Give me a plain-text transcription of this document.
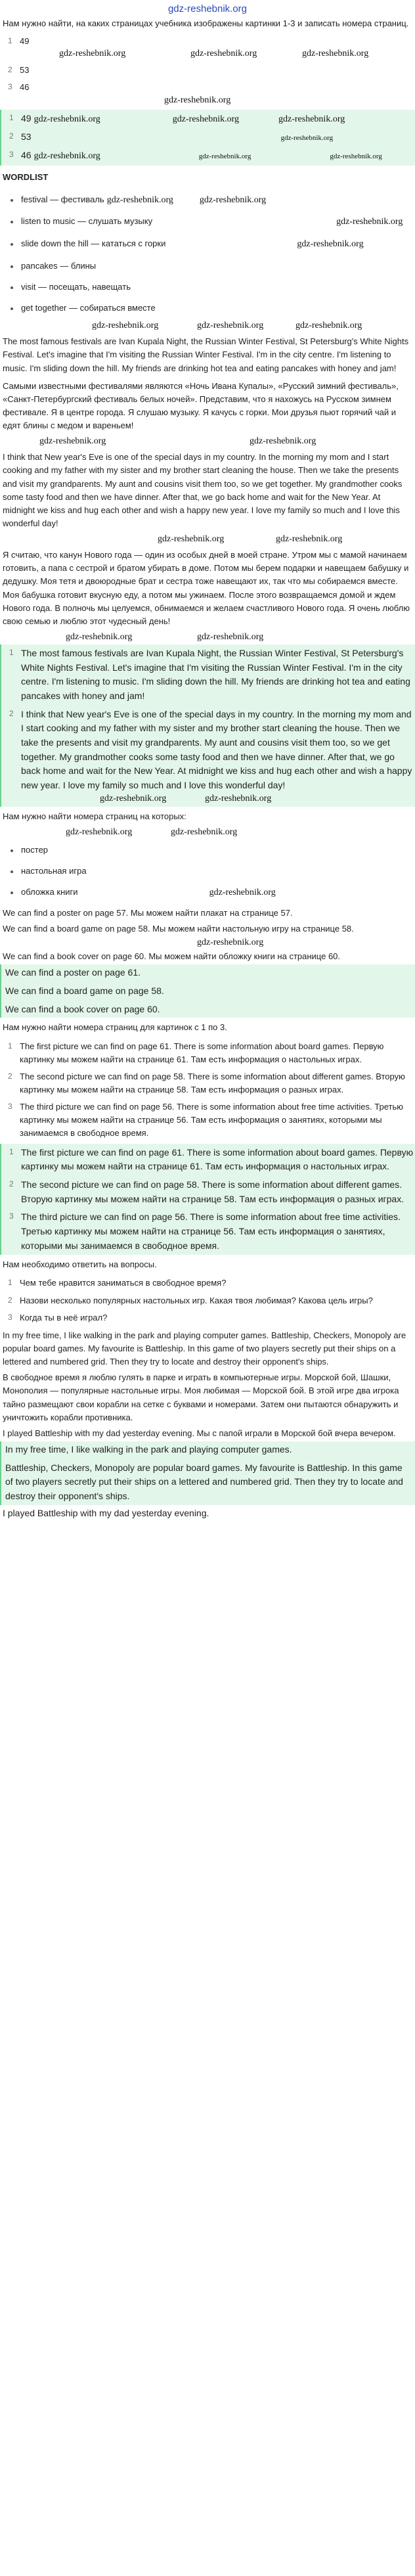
gdz-reshebnik.org

Нам нужно найти, на каких страницах учебника изображены картинки 1-3 и записать номера страниц.

1 49
gdz-reshebnik.org	gdz-reshebnik.org	gdz-reshebnik.org
2 53
3 46
gdz-reshebnik.org
1 49 gdz-reshebnik.org	gdz-reshebnik.org	gdz-reshebnik.org
2 53	gdz-reshebnik.org
3 46 gdz-reshebnik.org	gdz-reshebnik.org	gdz-reshebnik.org
WORDLIST
festival — фестиваль gdz-reshebnik.org	gdz-reshebnik.org
listen to music — слушать музыку	gdz-reshebnik.org
slide down the hill — кататься с горки	gdz-reshebnik.org
pancakes — блины
visit — посещать, навещать
get together — собираться вместе
gdz-reshebnik.org	gdz-reshebnik.org	gdz-reshebnik.org

The most famous festivals are Ivan Kupala Night, the Russian Winter Festival, St Petersburg's White Nights Festival. Let's imagine that I'm visiting the Russian Winter Festival. I'm in the city centre. I'm listening to music. I'm sliding down the hill. My friends are drinking hot tea and eating pancakes with honey and jam!

Самыми известными фестивалями являются «Ночь Ивана Купалы», «Русский зимний фестиваль», «Санкт-Петербургский фестиваль белых ночей». Представим, что я нахожусь на Русском зимнем фестивале. Я в центре города. Я слушаю музыку. Я качусь с горки. Мои друзья пьют горячий чай и едят блины с медом и вареньем!

gdz-reshebnik.org	gdz-reshebnik.org

I think that New year's Eve is one of the special days in my country. In the morning my mom and I start cooking and my father with my sister and my brother start cleaning the house. Then we take the presents and visit my grandparents. My aunt and cousins visit them too, so we get together. My grandmother cooks some tasty food and then we have dinner. After that, we go back home and wait for the New Year. At midnight we kiss and hug each other and wish a happy new year. I love my family so much and I love this wonderful day!

gdz-reshebnik.org	gdz-reshebnik.org

Я считаю, что канун Нового года — один из особых дней в моей стране. Утром мы с мамой начинаем готовить, а папа с сестрой и братом убирать в доме. Потом мы берем подарки и навещаем бабушку и дедушку. Моя тетя и двоюродные брат и сестра тоже навещают их, так что мы собираемся вместе. Моя бабушка готовит вкусную еду, а потом мы ужинаем. После этого возвращаемся домой и ждем Нового года. В полночь мы целуемся, обнимаемся и желаем счастливого Нового года. Я очень люблю свою семью и люблю этот чудесный день!

gdz-reshebnik.org	gdz-reshebnik.org
1 The most famous festivals are Ivan Kupala Night, the Russian Winter Festival, St Petersburg's White Nights Festival. Let's imagine that I'm visiting the Russian Winter Festival. I'm in the city centre. I'm listening to music. I'm sliding down the hill. My friends are drinking hot tea and eating pancakes with honey and jam!
2 I think that New year's Eve is one of the special days in my country. In the morning my mom and I start cooking and my father with my sister and my brother start cleaning the house. Then we take the presents and visit my grandparents. My aunt and cousins visit them too, so we get together. My grandmother cooks some tasty food and then we have dinner. After that, we go back home and wait for the New Year. At midnight we kiss and hug each other and wish a happy new year. I love my family so much and I love this wonderful day!
gdz-reshebnik.org	gdz-reshebnik.org

Нам нужно найти номера страниц на которых:

gdz-reshebnik.org	gdz-reshebnik.org
постер
настольная игра
обложка книги	gdz-reshebnik.org

We can find a poster on page 57. Мы можем найти плакат на странице 57.

We can find a board game on page 58. Мы можем найти настольную игру на странице 58.

gdz-reshebnik.org

We can find a book cover on page 60. Мы можем найти обложку книги на странице 60.

We can find a poster on page 61.
We can find a board game on page 58.
We can find a book cover on page 60.

Нам нужно найти номера страниц для картинок с 1 по 3.

1 The first picture we can find on page 61. There is some information about board games. Первую картинку мы можем найти на странице 61. Там есть информация о настольных играх.
2 The second picture we can find on page 58. There is some information about different games. Вторую картинку мы можем найти на странице 58. Там есть информация о разных играх.
3 The third picture we can find on page 56. There is some information about free time activities. Третью картинку мы можем найти на странице 56. Там есть информация о занятиях, которыми мы занимаемся в свободное время.
1 The first picture we can find on page 61. There is some information about board games. Первую картинку мы можем найти на странице 61. Там есть информация о настольных играх.
2 The second picture we can find on page 58. There is some information about different games. Вторую картинку мы можем найти на странице 58. Там есть информация о разных играх.
3 The third picture we can find on page 56. There is some information about free time activities. Третью картинку мы можем найти на странице 56. Там есть информация о занятиях, которыми мы занимаемся в свободное время.

Нам необходимо ответить на вопросы.

1 Чем тебе нравится заниматься в свободное время?
2 Назови несколько популярных настольных игр. Какая твоя любимая? Какова цель игры?
3 Когда ты в неё играл?

In my free time, I like walking in the park and playing computer games. Battleship, Checkers, Monopoly are popular board games. My favourite is Battleship. In this game of two players secretly put their ships on a lettered and numbered grid. Then they try to locate and destroy their opponent's ships.

В свободное время я люблю гулять в парке и играть в компьютерные игры. Морской бой, Шашки, Монополия — популярные настольные игры. Моя любимая — Морской бой. В этой игре два игрока тайно размещают свои корабли на сетке с буквами и номерами. Затем они пытаются обнаружить и уничтожить корабли противника.

I played Battleship with my dad yesterday evening. Мы с папой играли в Морской бой вчера вечером.

In my free time, I like walking in the park and playing computer games.
Battleship, Checkers, Monopoly are popular board games. My favourite is Battleship. In this game of two players secretly put their ships on a lettered and numbered grid. Then they try to locate and destroy their opponent's ships.

I played Battleship with my dad yesterday evening.
